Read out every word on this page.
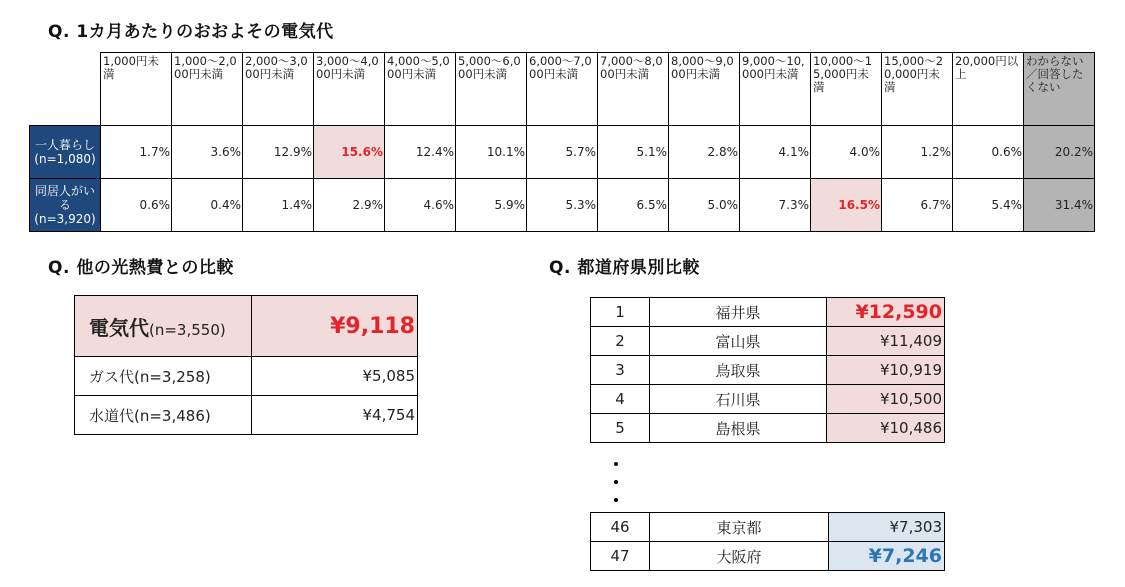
Q. 1カ月あたりのおおよその電気代
	1,000円未満	1,000〜2,000円未満	2,000〜3,000円未満	3,000〜4,000円未満	4,000〜5,000円未満	5,000〜6,000円未満	6,000〜7,000円未満	7,000〜8,000円未満	8,000〜9,000円未満	9,000〜10,000円未満	10,000〜15,000円未満	15,000〜20,000円未満	20,000円以上	わからない／回答したくない

一人暮らし
(n=1,080)	1.7%	3.6%	12.9%	15.6%	12.4%	10.1%	5.7%	5.1%	2.8%	4.1%	4.0%	1.2%	0.6%	20.2%

同居人がいる
(n=3,920)	0.6%	0.4%	1.4%	2.9%	4.6%	5.9%	5.3%	6.5%	5.0%	7.3%	16.5%	6.7%	5.4%	31.4%
Q. 他の光熱費との比較
電気代(n=3,550)	¥9,118
ガス代(n=3,258)	¥5,085
水道代(n=3,486)	¥4,754
Q. 都道府県別比較
1	福井県	¥12,590
2	富山県	¥11,409
3	鳥取県	¥10,919
4	石川県	¥10,500
5	島根県	¥10,486
46	東京都	¥7,303
47	大阪府	¥7,246
